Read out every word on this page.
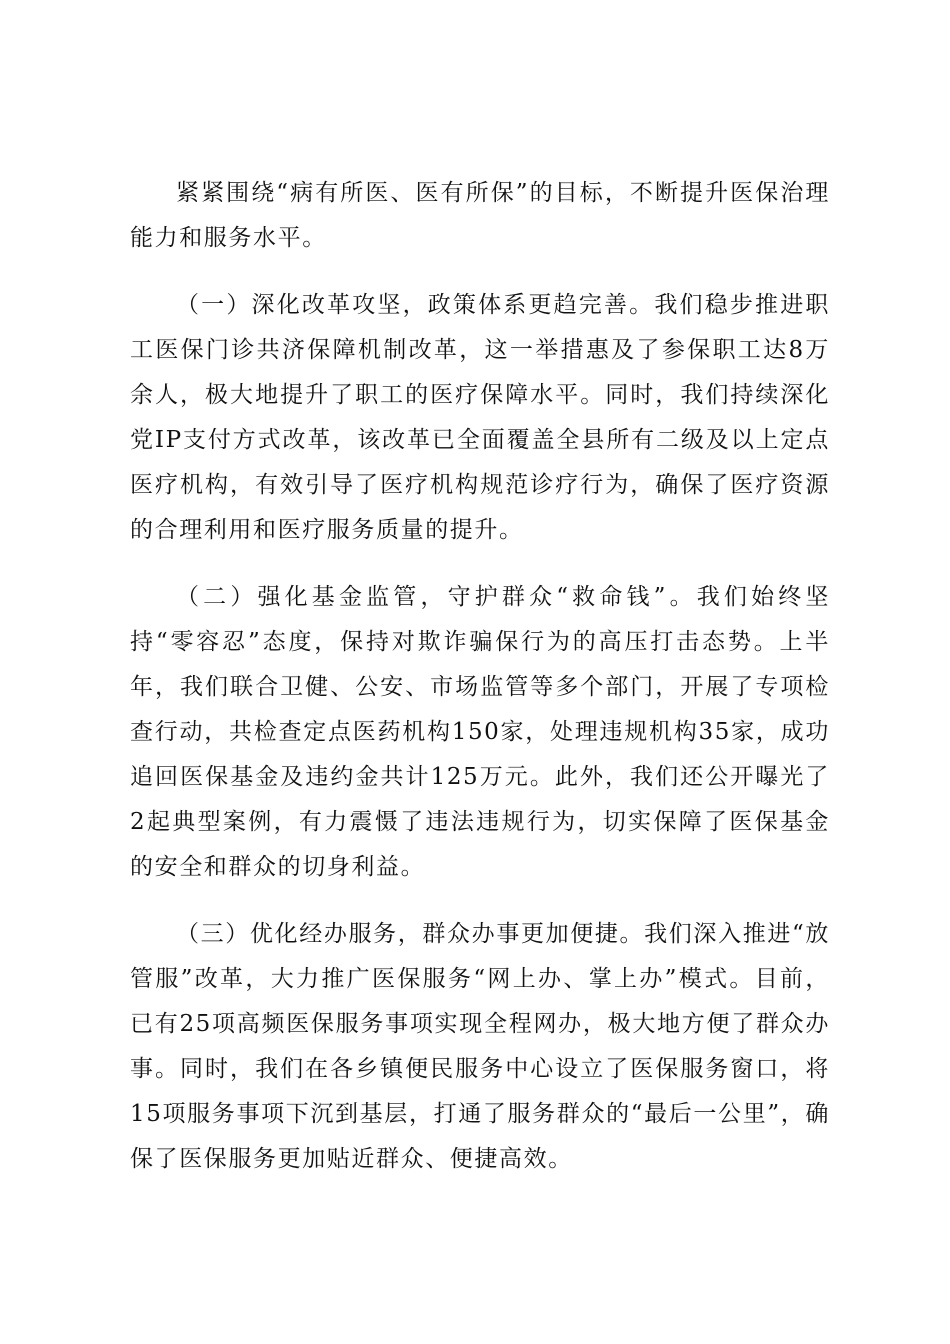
紧紧围绕“病有所医、医有所保”的目标，不断提升医保治理能力和服务水平。

（一）深化改革攻坚，政策体系更趋完善。我们稳步推进职工医保门诊共济保障机制改革，这一举措惠及了参保职工达8万余人，极大地提升了职工的医疗保障水平。同时，我们持续深化党IP支付方式改革，该改革已全面覆盖全县所有二级及以上定点医疗机构，有效引导了医疗机构规范诊疗行为，确保了医疗资源的合理利用和医疗服务质量的提升。

（二）强化基金监管，守护群众“救命钱”。我们始终坚持“零容忍”态度，保持对欺诈骗保行为的高压打击态势。上半年，我们联合卫健、公安、市场监管等多个部门，开展了专项检查行动，共检查定点医药机构150家，处理违规机构35家，成功追回医保基金及违约金共计125万元。此外，我们还公开曝光了2起典型案例，有力震慑了违法违规行为，切实保障了医保基金的安全和群众的切身利益。

（三）优化经办服务，群众办事更加便捷。我们深入推进“放管服”改革，大力推广医保服务“网上办、掌上办”模式。目前，已有25项高频医保服务事项实现全程网办，极大地方便了群众办事。同时，我们在各乡镇便民服务中心设立了医保服务窗口，将15项服务事项下沉到基层，打通了服务群众的“最后一公里”，确保了医保服务更加贴近群众、便捷高效。
